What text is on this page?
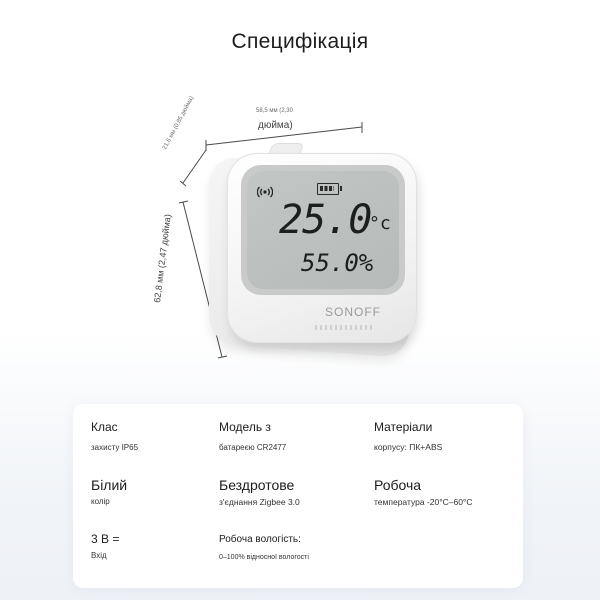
Специфікація
58,5 мм (2,30
дюйма)
21,6 мм (0,85 дюйма)
62,8 мм (2,47 дюйма)	25.0
°c
55.0%
SONOFF
Клас
захисту IP65
Модель з
батареєю CR2477
Матеріали
корпусу: ПК+ABS
Білий
колір
Бездротове
з'єднання Zigbee 3.0
Робоча
температура -20°C–60°C
3 В =
Вхід
Робоча вологість:
0–100% відносної вологості
